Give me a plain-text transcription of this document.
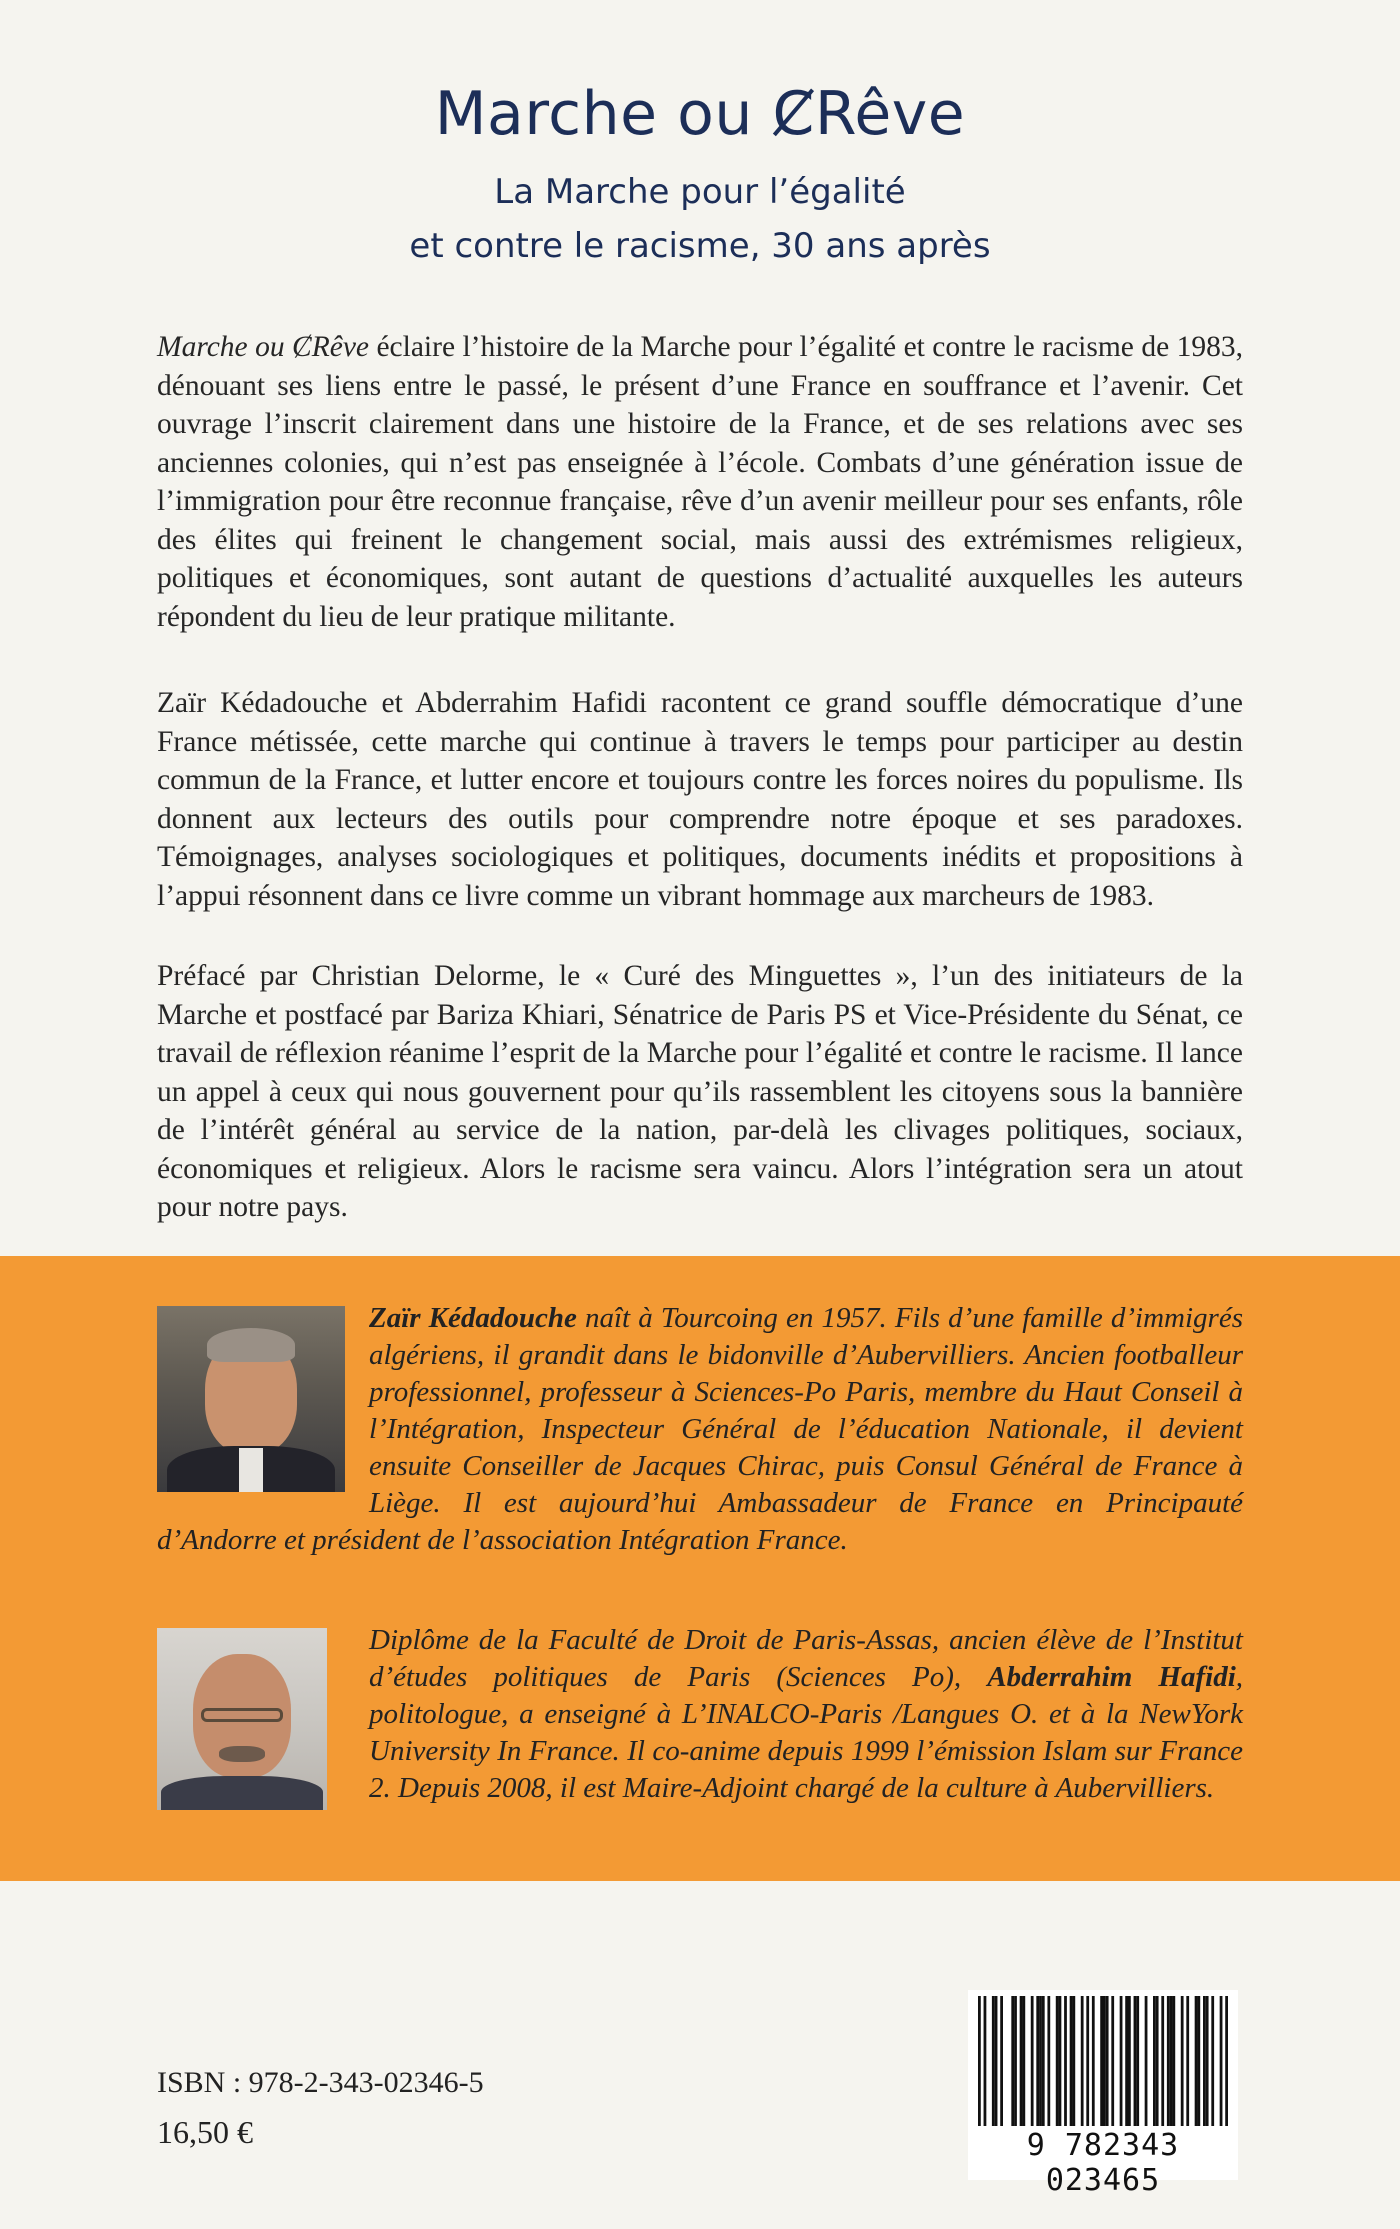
Marche ou ȻRêve
La Marche pour l’égalité
et contre le racisme, 30 ans après

Marche ou ȻRêve éclaire l’histoire de la Marche pour l’égalité et contre le racisme de 1983, dénouant ses liens entre le passé, le présent d’une France en souffrance et l’avenir. Cet ouvrage l’inscrit clairement dans une histoire de la France, et de ses relations avec ses anciennes colonies, qui n’est pas enseignée à l’école. Combats d’une génération issue de l’immigration pour être reconnue française, rêve d’un avenir meilleur pour ses enfants, rôle des élites qui freinent le changement social, mais aussi des extrémismes religieux, politiques et économiques, sont autant de questions d’actualité auxquelles les auteurs répondent du lieu de leur pratique militante.

Zaïr Kédadouche et Abderrahim Hafidi racontent ce grand souffle démocratique d’une France métissée, cette marche qui continue à travers le temps pour participer au destin commun de la France, et lutter encore et toujours contre les forces noires du populisme. Ils donnent aux lecteurs des outils pour comprendre notre époque et ses paradoxes. Témoignages, analyses sociologiques et politiques, documents inédits et propositions à l’appui résonnent dans ce livre comme un vibrant hommage aux marcheurs de 1983.

Préfacé par Christian Delorme, le « Curé des Minguettes », l’un des initiateurs de la Marche et postfacé par Bariza Khiari, Sénatrice de Paris PS et Vice-Présidente du Sénat, ce travail de réflexion réanime l’esprit de la Marche pour l’égalité et contre le racisme. Il lance un appel à ceux qui nous gouvernent pour qu’ils rassemblent les citoyens sous la bannière de l’intérêt général au service de la nation, par-delà les clivages politiques, sociaux, économiques et religieux. Alors le racisme sera vaincu. Alors l’intégration sera un atout pour notre pays.

Zaïr Kédadouche naît à Tourcoing en 1957. Fils d’une famille d’immigrés algériens, il grandit dans le bidonville d’Aubervilliers. Ancien footballeur professionnel, professeur à Sciences-Po Paris, membre du Haut Conseil à l’Intégration, Inspecteur Général de l’éducation Nationale, il devient ensuite Conseiller de Jacques Chirac, puis Consul Général de France à Liège. Il est aujourd’hui Ambassadeur de France en Principauté d’Andorre et président de l’association Intégration France.
Diplôme de la Faculté de Droit de Paris-Assas, ancien élève de l’Institut d’études politiques de Paris (Sciences Po), Abderrahim Hafidi, politologue, a enseigné à L’INALCO-Paris /Langues O. et à la NewYork University In France. Il co-anime depuis 1999 l’émission Islam sur France 2. Depuis 2008, il est Maire-Adjoint chargé de la culture à Aubervilliers.
ISBN : 978-2-343-02346-5
16,50 €	9 782343 023465
